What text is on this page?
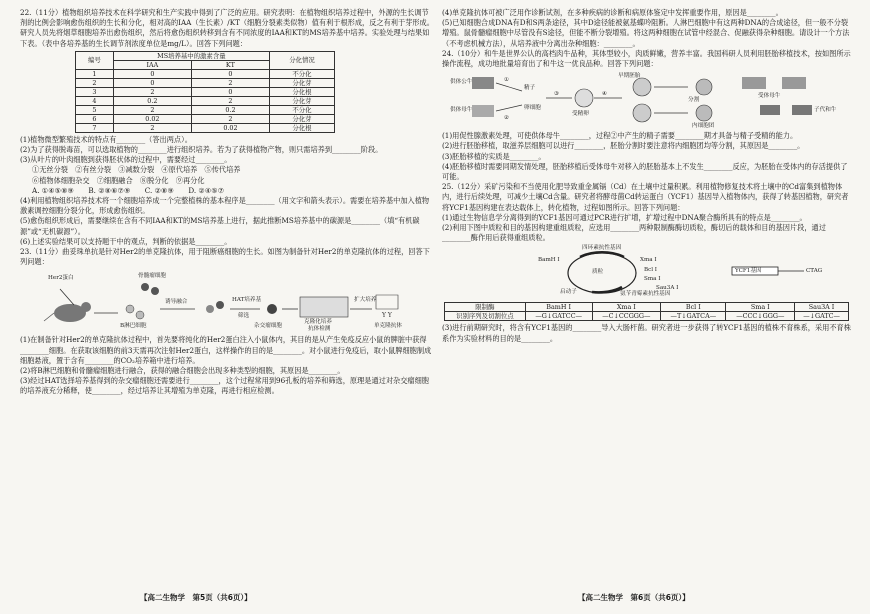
22.（11分）植物组织培养技术在科学研究和生产实践中得到了广泛的应用。研究表明：在植物组织培养过程中，外源的生长调节剂的比例会影响愈伤组织的生长和分化，相对高的IAA（生长素）/KT（细胞分裂素类似物）值有利于根形成，反之有利于芽形成。研究人员先将烟草细胞培养出愈伤组织，然后将愈伤组织转移到含有不同浓度的IAA和KT的MS培养基中培养。实验处理与结果如下表。（表中各培养基的生长调节剂浓度单位是mg/L）。回答下列问题：

编号	MS培养基中的激素含量		分化情况
	IAA	KT	
1	0	0	不分化
2	0	2	分化芽
3	2	0	分化根
4	0.2	2	分化芽
5	2	0.2	不分化
6	0.02	2	分化芽
7	2	0.02	分化根

(1)植物微型繁殖技术的特点有________（答出两点）。

(2)为了获得脱毒苗，可以选取植物的________进行组织培养。若为了获得植物产物，则只需培养到________阶段。

(3)从叶片的叶肉细胞到获得胚状体的过程中，需要经过________。

①无丝分裂　②有丝分裂　③减数分裂　④原代培养　⑤传代培养

⑥植物体细胞杂交　⑦细胞融合　⑧脱分化　⑨再分化

A. ①④⑤⑧⑨　　B. ②⑧⑥⑦⑨　　C. ②⑧⑨　　D. ②④⑤⑦

(4)利用植物组织培养技术将一个细胞培养成一个完整植株的基本程序是________（用文字和箭头表示）。需要在培养基中加入植物激素调控细胞分裂分化，形成愈伤组织。

(5)愈伤组织形成后，需要继续在含有不同IAA和KT的MS培养基上进行，据此推断MS培养基中的碳源是________（填“有机碳源”或“无机碳源”）。

(6)上述实验结果可以支持题干中的观点，判断的依据是________。

23.（11分）曲妥珠单抗是针对Her2的单克隆抗体，用于阻断癌细胞的生长。如图为制备针对Her2的单克隆抗体的过程，回答下列问题：

Y Y
Her2蛋白	骨髓瘤细胞
B淋巴细胞
诱导融合	HAT培养基
筛选
杂交瘤细胞
克隆化培养
抗体检测
扩大培养
单克隆抗体

(1)在制备针对Her2的单克隆抗体过程中，首先要将纯化的Her2蛋白注入小鼠体内，其目的是从产生免疫反应小鼠的脾脏中获得________细胞。在获取该细胞的前3天需再次注射Her2蛋白，这样操作的目的是________。对小鼠进行免疫后，取小鼠脾细胞制成细胞悬液，置于含有________的CO₂培养箱中进行培养。

(2)将B淋巴细胞和骨髓瘤细胞进行融合，获得的融合细胞会出现多种类型的细胞，其原因是________。

(3)经过HAT选择培养基得到的杂交瘤细胞还需要进行________，这个过程常用到96孔板的培养和筛选，原理是通过对杂交瘤细胞的培养液充分稀释，使________，经过培养让其增殖为单克隆，再进行相应检测。

(4)单克隆抗体可被广泛用作诊断试剂，在多种疾病的诊断和病原体鉴定中发挥重要作用，原因是________。

(5)已知细胞合成DNA有D和S两条途径，其中D途径能被氨基蝶呤阻断。人淋巴细胞中有这两种DNA的合成途径，但一般不分裂增殖。鼠骨髓瘤细胞中尽管没有S途径，但能不断分裂增殖。将这两种细胞在试管中经混合、促融获得杂种细胞。请设计一个方法（不考虑机械方法），从培养液中分离出杂种细胞：________。

24.（10分）和牛是世界公认的高档肉牛品种，其体型较小，肉质鲜嫩，营养丰富。我国科研人员利用胚胎移植技术，按如图所示操作流程，成功地批量培育出了和牛这一优良品种。回答下列问题：

供体公牛
供体母牛
精子
卵细胞
受精卵
早期胚胎
分割
内细胞团
受体母牛
子代和牛
①
②
③	④

(1)用促性腺激素处理，可使供体母牛________，过程②中产生的精子需要________期才具备与精子受精的能力。

(2)进行胚胎移植，取滋养层细胞可以进行________，胚胎分割时要注意将内细胞团均等分割，其原因是________。

(3)胚胎移植的实质是________。

(4)胚胎移植时需要同期发情处理，胚胎移植后受体母牛对移入的胚胎基本上不发生________反应，为胚胎在受体内的存活提供了可能。

25.（12分）采矿污染和不当使用化肥导致重金属镉（Cd）在土壤中过量积累。利用植物修复技术将土壤中的Cd富集到植物体内，进行后续处理，可减少土壤Cd含量。研究者将酵母菌Cd转运蛋白（YCF1）基因导入植物体内，获得了转基因植物，研究者将YCF1基因构建在表达载体上，转化植物，过程如图所示。回答下列问题：

(1)通过生物信息学分离得到的YCF1基因可通过PCR进行扩增，扩增过程中DNA聚合酶所具有的特点是________。

(2)利用下图中质粒和目的基因构建重组质粒，应选用________两种限制酶酶切质粒，酶切后的载体和目的基因片段，通过________酶作用后获得重组质粒。

质粒
四环素抗性基因
启动子	氨苄青霉素抗性基因
BamH Ⅰ	Xma Ⅰ
Bcl Ⅰ
Sma Ⅰ
Sau3A Ⅰ
YCF1基因	CTAG
限制酶	BamH Ⅰ	Xma Ⅰ	Bcl Ⅰ	Sma Ⅰ	Sau3A Ⅰ
识别序列及切割位点	—G↓GATCC—	—C↓CCGGG—	—T↓GATCA—	—CCC↓GGG—	—↓GATC—

(3)进行前期研究时，将含有YCF1基因的________导入大肠杆菌。研究者进一步获得了转YCF1基因的植株不育株系，采用不育株系作为实验材料的目的是________。

【高二生物学　第5页（共6页）】	【高二生物学　第6页（共6页）】
